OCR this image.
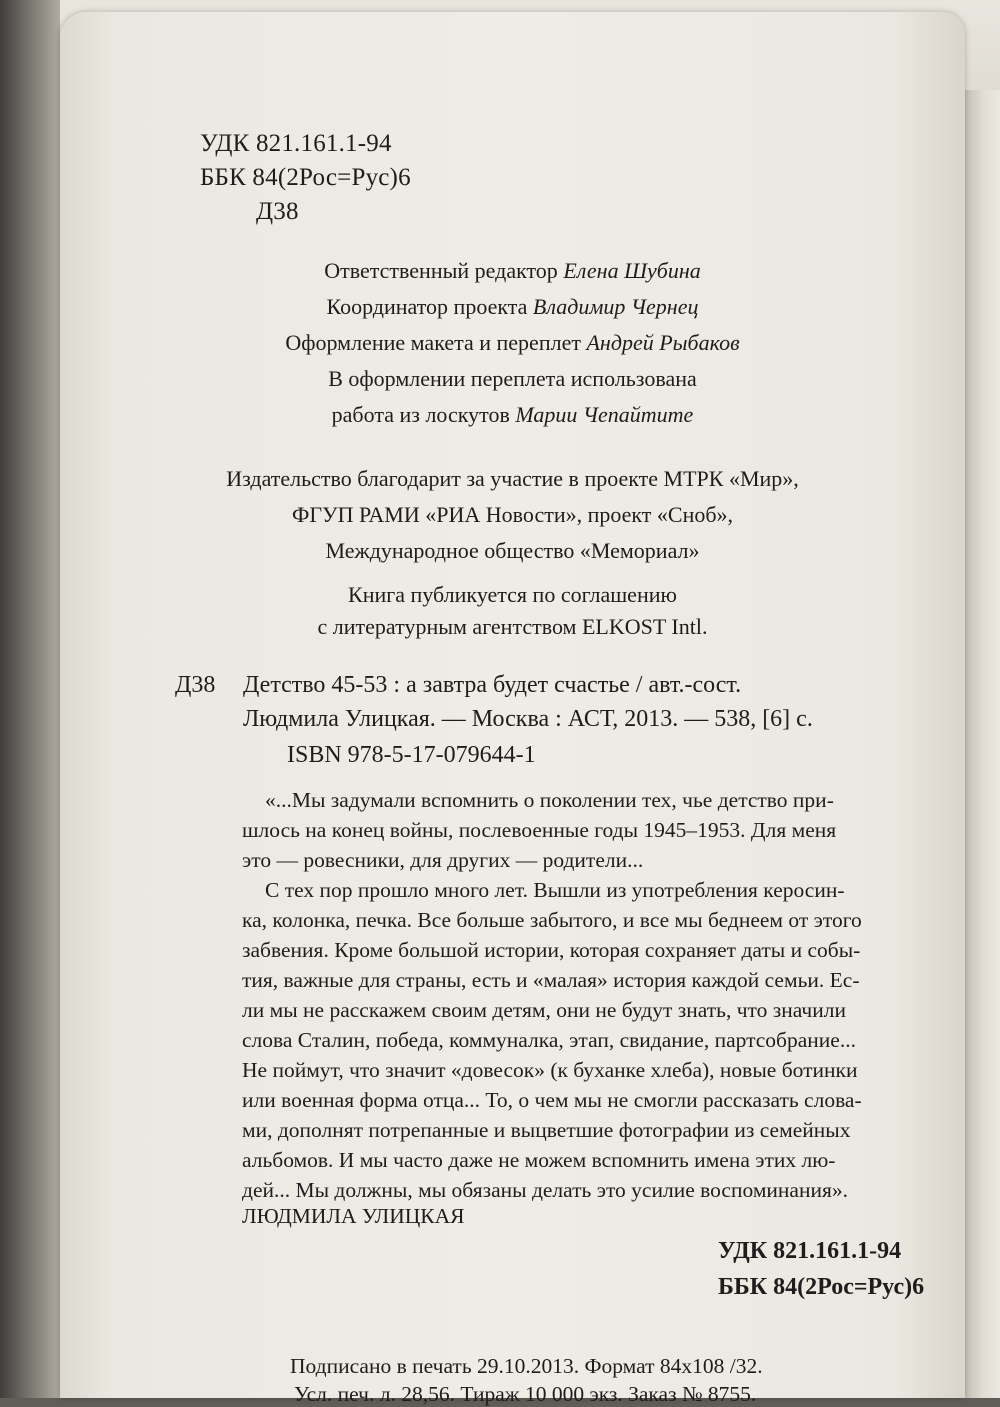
УДК 821.161.1-94
ББК 84(2Рос=Рус)6
Д38
Ответственный редактор Елена Шубина
Координатор проекта Владимир Чернец
Оформление макета и переплет Андрей Рыбаков
В оформлении переплета использована
работа из лоскутов Марии Чепайтите
Издательство благодарит за участие в проекте МТРК «Мир»,
ФГУП РАМИ «РИА Новости», проект «Сноб»,
Международное общество «Мемориал»
Книга публикуется по соглашению
с литературным агентством ELKOST Intl.
Д38 Детство 45-53 : а завтра будет счастье / авт.-сост.
Людмила Улицкая. — Москва : АСТ, 2013. — 538, [6] с.
ISBN 978-5-17-079644-1
«...Мы задумали вспомнить о поколении тех, чье детство при-
шлось на конец войны, послевоенные годы 1945–1953. Для меня
это — ровесники, для других — родители...
С тех пор прошло много лет. Вышли из употребления керосин-
ка, колонка, печка. Все больше забытого, и все мы беднеем от этого
забвения. Кроме большой истории, которая сохраняет даты и собы-
тия, важные для страны, есть и «малая» история каждой семьи. Ес-
ли мы не расскажем своим детям, они не будут знать, что значили
слова Сталин, победа, коммуналка, этап, свидание, партсобрание...
Не поймут, что значит «довесок» (к буханке хлеба), новые ботинки
или военная форма отца... То, о чем мы не смогли рассказать слова-
ми, дополнят потрепанные и выцветшие фотографии из семейных
альбомов. И мы часто даже не можем вспомнить имена этих лю-
дей... Мы должны, мы обязаны делать это усилие воспоминания».
ЛЮДМИЛА УЛИЦКАЯ
УДК 821.161.1-94
ББК 84(2Рос=Рус)6
Подписано в печать 29.10.2013. Формат 84х108 /32.
Усл. печ. л. 28,56. Тираж 10 000 экз. Заказ № 8755.
